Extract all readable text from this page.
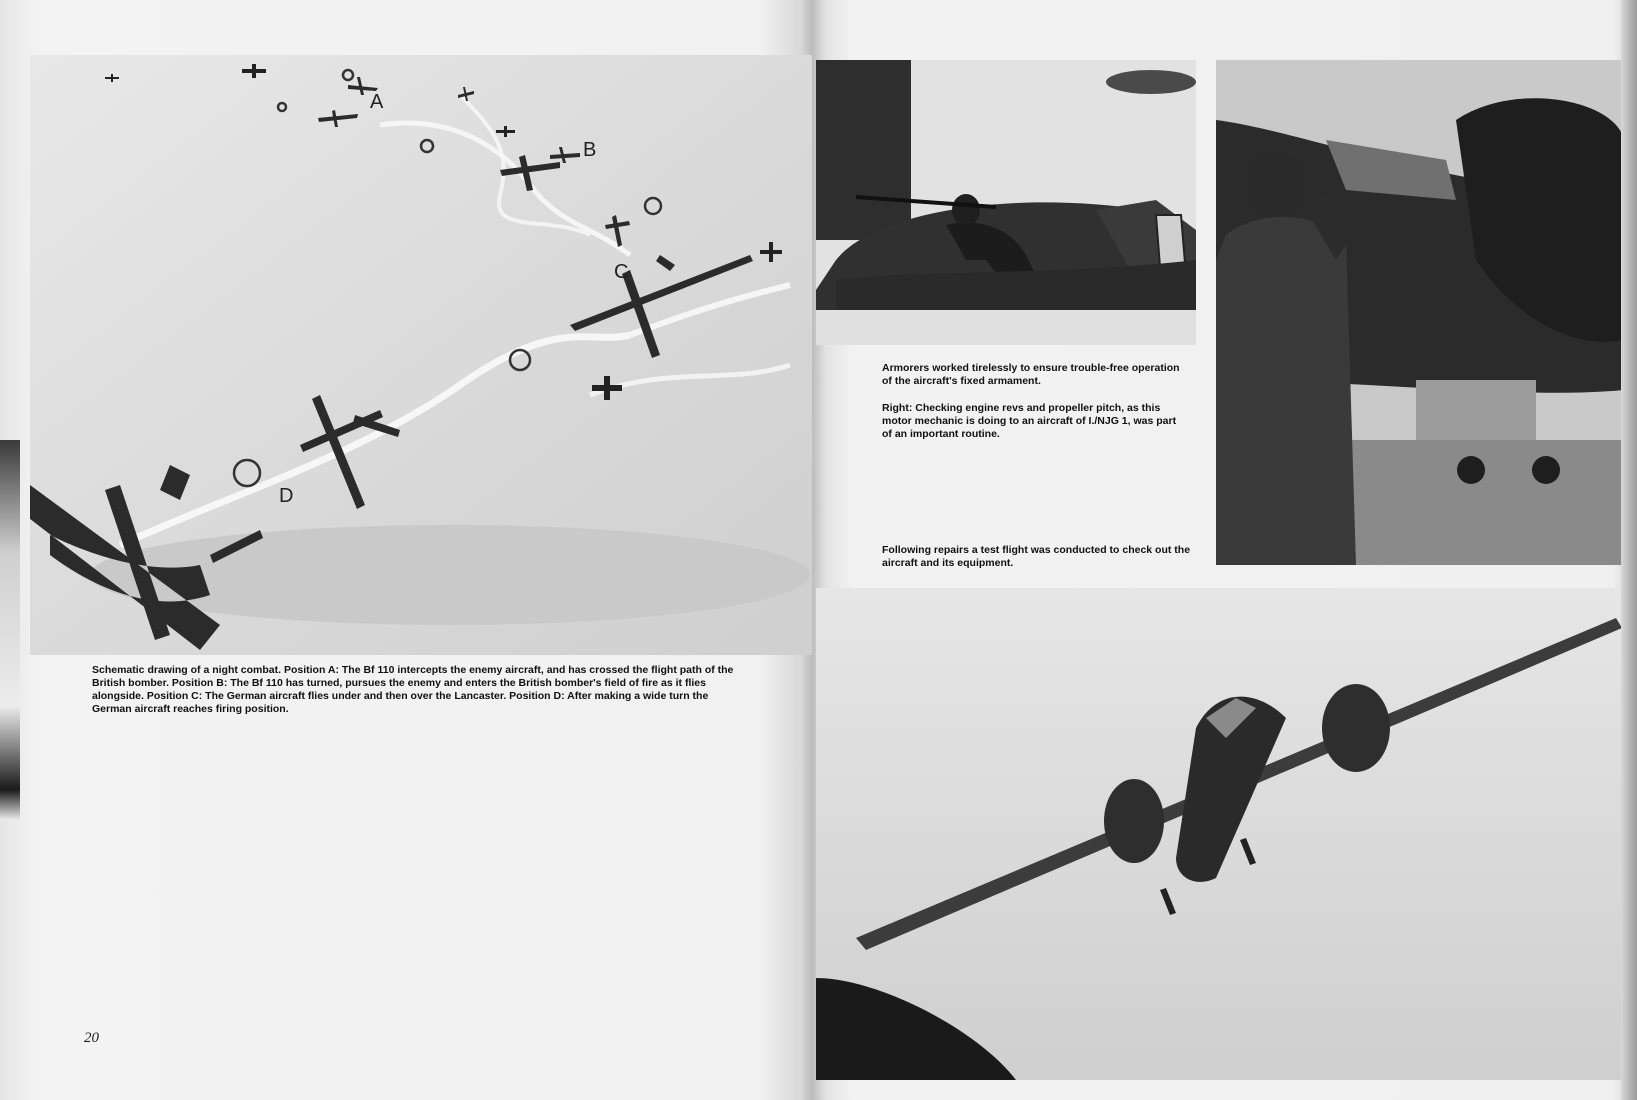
A
B
C
D

Schematic drawing of a night combat. Position A: The Bf 110 intercepts the enemy aircraft, and has crossed the flight path of the British bomber. Position B: The Bf 110 has turned, pursues the enemy and enters the British bomber's field of fire as it flies alongside. Position C: The German aircraft flies under and then over the Lancaster. Position D: After making a wide turn the German aircraft reaches firing position.

20

Armorers worked tirelessly to ensure trouble-free operation of the aircraft's fixed armament.

Right: Checking engine revs and propeller pitch, as this motor mechanic is doing to an aircraft of I./NJG 1, was part of an important routine.

Following repairs a test flight was conducted to check out the aircraft and its equipment.
